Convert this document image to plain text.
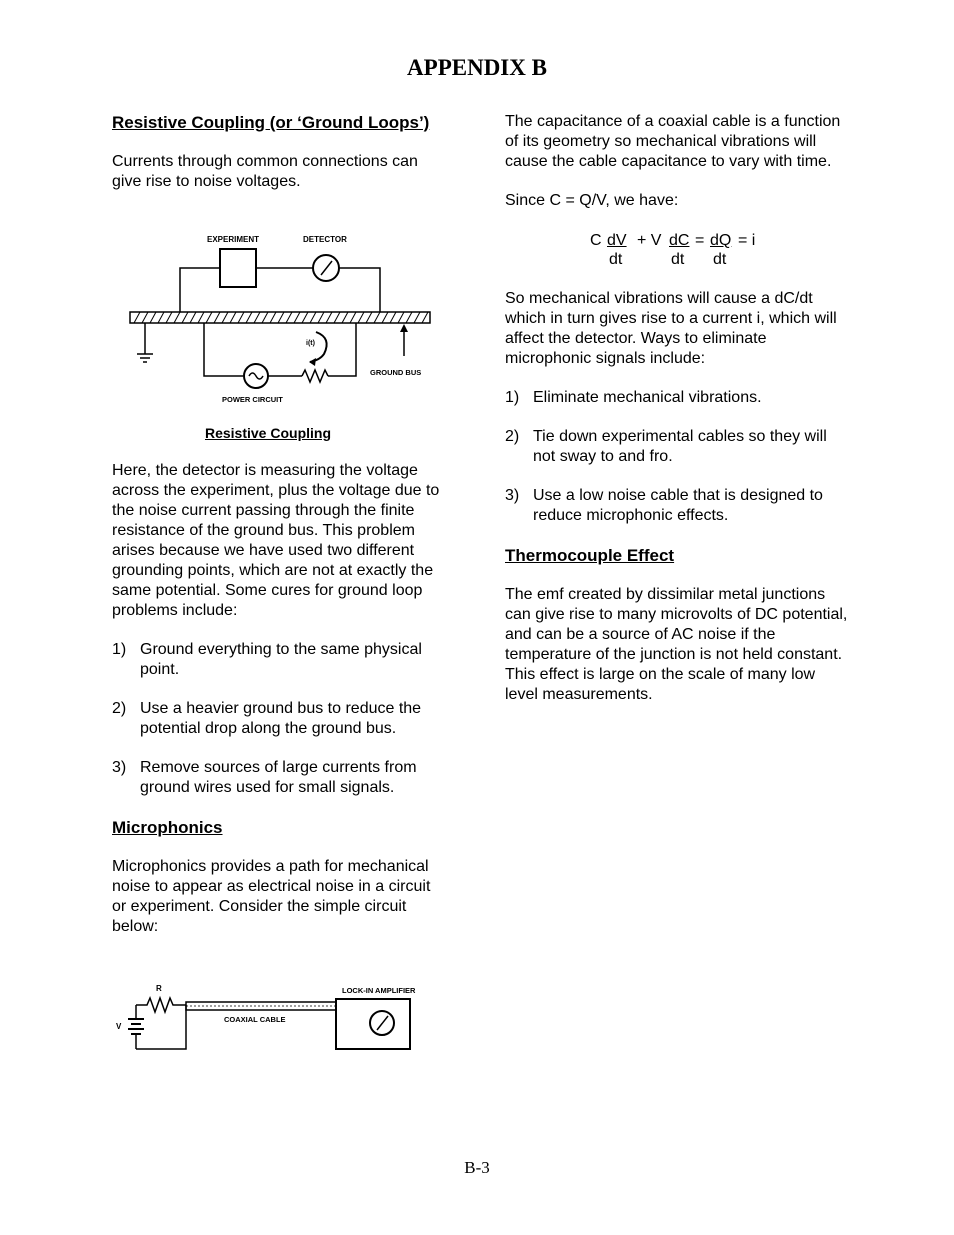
APPENDIX B
Resistive Coupling (or ‘Ground Loops’)

Currents through common connections can give rise to noise voltages.

EXPERIMENT	DETECTOR
POWER CIRCUIT
i(t)
GROUND BUS
Resistive Coupling

Here, the detector is measuring the voltage across the experiment, plus the voltage due to the noise current passing through the finite resistance of the ground bus. This problem arises because we have used two different grounding points, which are not at exactly the same potential. Some cures for ground loop problems include:

1) Ground everything to the same physical point.
2) Use a heavier ground bus to reduce the potential drop along the ground bus.
3) Remove sources of large currents from ground wires used for small signals.
Microphonics

Microphonics provides a path for mechanical noise to appear as electrical noise in a circuit or experiment. Consider the simple circuit below:

V
R
COAXIAL CABLE
LOCK-IN AMPLIFIER

The capacitance of a coaxial cable is a function of its geometry so mechanical vibrations will cause the cable capacitance to vary with time.

Since C = Q/V, we have:

C dV + V dC = dQ = i
dt	dt dt

So mechanical vibrations will cause a dC/dt which in turn gives rise to a current i, which will affect the detector. Ways to eliminate microphonic signals include:

1) Eliminate mechanical vibrations.
2) Tie down experimental cables so they will not sway to and fro.
3) Use a low noise cable that is designed to reduce microphonic effects.
Thermocouple Effect

The emf created by dissimilar metal junctions can give rise to many microvolts of DC potential, and can be a source of AC noise if the temperature of the junction is not held constant. This effect is large on the scale of many low level measurements.

B-3
